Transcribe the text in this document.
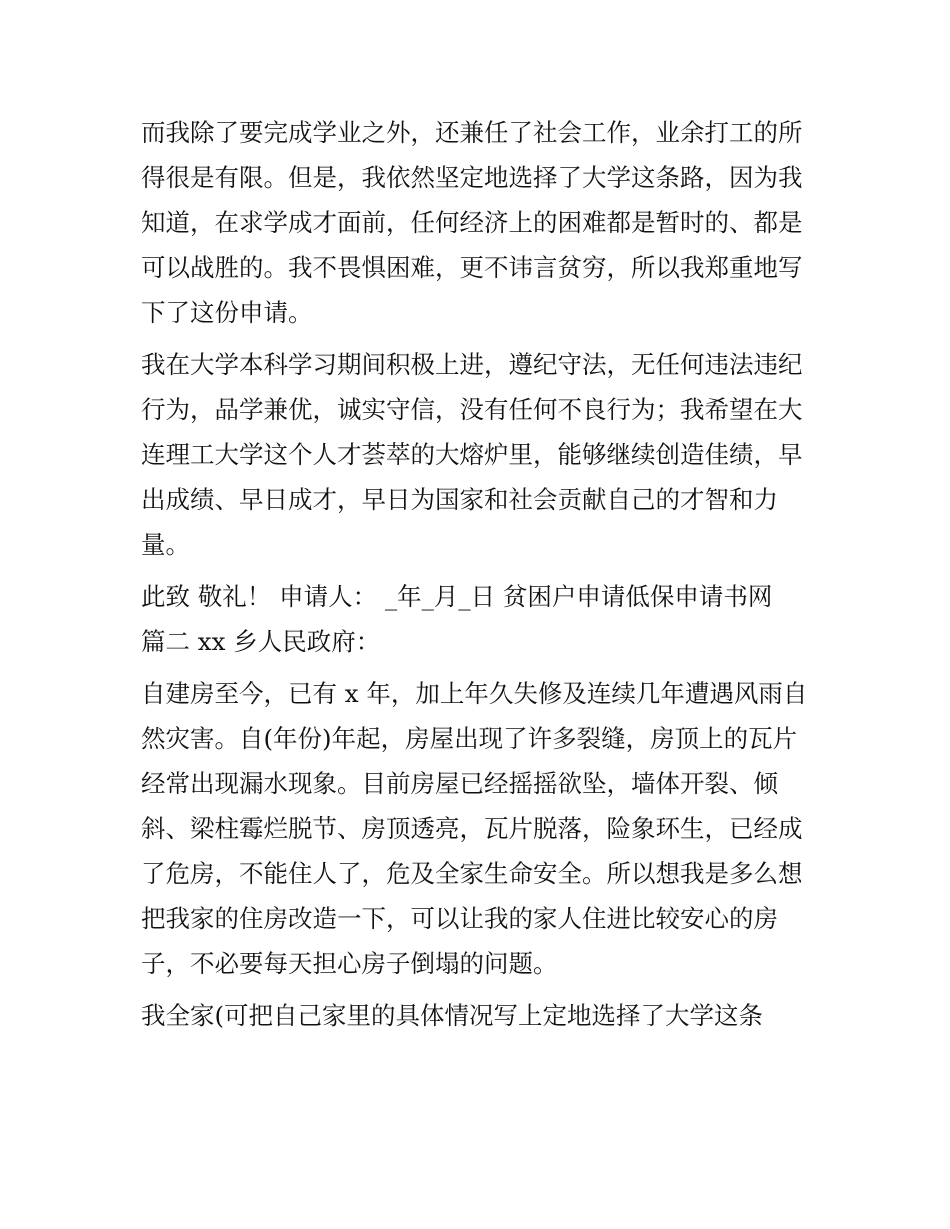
而我除了要完成学业之外，还兼任了社会工作，业余打工的所
得很是有限。但是，我依然坚定地选择了大学这条路，因为我
知道，在求学成才面前，任何经济上的困难都是暂时的、都是
可以战胜的。我不畏惧困难，更不讳言贫穷，所以我郑重地写
下了这份申请。

我在大学本科学习期间积极上进，遵纪守法，无任何违法违纪
行为，品学兼优，诚实守信，没有任何不良行为；我希望在大
连理工大学这个人才荟萃的大熔炉里，能够继续创造佳绩，早
出成绩、早日成才，早日为国家和社会贡献自己的才智和力
量。

此致 敬礼！ 申请人： _年_月_日 贫困户申请低保申请书网

篇二 xx 乡人民政府：

自建房至今，已有 x 年，加上年久失修及连续几年遭遇风雨自
然灾害。自(年份)年起，房屋出现了许多裂缝，房顶上的瓦片
经常出现漏水现象。目前房屋已经摇摇欲坠，墙体开裂、倾
斜、梁柱霉烂脱节、房顶透亮，瓦片脱落，险象环生，已经成
了危房，不能住人了，危及全家生命安全。所以想我是多么想
把我家的住房改造一下，可以让我的家人住进比较安心的房
子，不必要每天担心房子倒塌的问题。

我全家(可把自己家里的具体情况写上定地选择了大学这条
